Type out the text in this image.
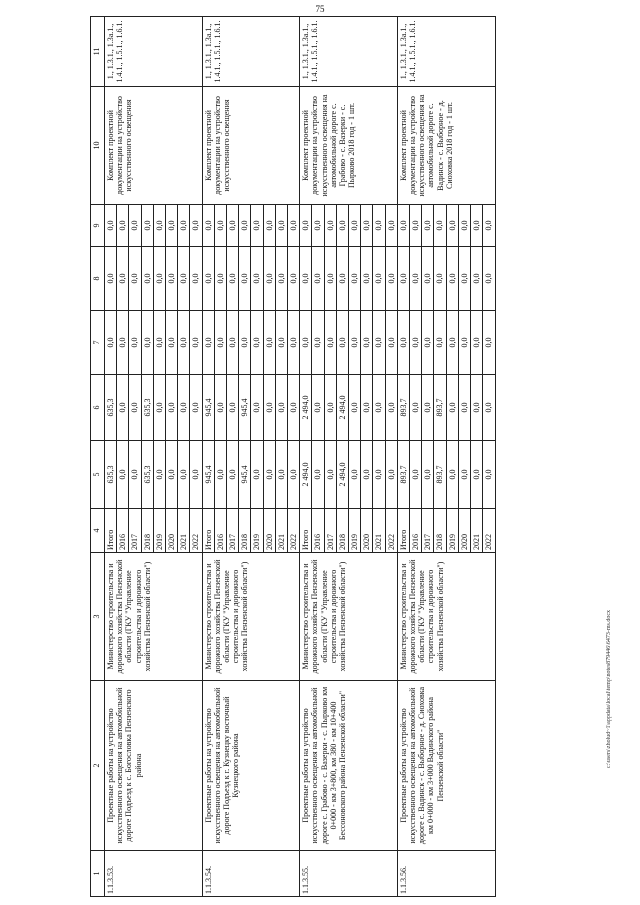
75
1	2	3	4	5	6	7	8	9	10	11
1.1.3.53.	Проектные работы на устройство искусственного освещения на автомобильной дороге Подъезд к с. Богословка Пензенского района	Министерство строительства и дорожного хозяйства Пензенской области (ГКУ "Управление строительства и дорожного хозяйства Пензенской области")	Итого	635,3	635,3	0,0	0,0	0,0	Комплект проектной документации на устройство искусственного освещения	1., 1.3.1., 1.3а.1., 1.4.1., 1.5.1., 1.6.1.
			2016	0,0	0,0	0,0	0,0	0,0		
			2017	0,0	0,0	0,0	0,0	0,0		
			2018	635,3	635,3	0,0	0,0	0,0		
			2019	0,0	0,0	0,0	0,0	0,0		
			2020	0,0	0,0	0,0	0,0	0,0		
			2021	0,0	0,0	0,0	0,0	0,0		
			2022	0,0	0,0	0,0	0,0	0,0		
1.1.3.54.	Проектные работы на устройство искусственного освещения на автомобильной дороге Подъезд к г. Кузнецку восточный Кузнецкого района	Министерство строительства и дорожного хозяйства Пензенской области (ГКУ "Управление строительства и дорожного хозяйства Пензенской области")	Итого	945,4	945,4	0,0	0,0	0,0	Комплект проектной документации на устройство искусственного освещения	1., 1.3.1., 1.3а.1., 1.4.1., 1.5.1., 1.6.1.
			2016	0,0	0,0	0,0	0,0	0,0		
			2017	0,0	0,0	0,0	0,0	0,0		
			2018	945,4	945,4	0,0	0,0	0,0		
			2019	0,0	0,0	0,0	0,0	0,0		
			2020	0,0	0,0	0,0	0,0	0,0		
			2021	0,0	0,0	0,0	0,0	0,0		
			2022	0,0	0,0	0,0	0,0	0,0		
1.1.3.55.	Проектные работы на устройство искусственного освещения на автомобильной дороге с. Грабово - с. Вазерки - с. Пырково км 0+000 - км 3+800, км 380 - км 10+400 Бессоновского района Пензенской области"	Министерство строительства и дорожного хозяйства Пензенской области (ГКУ "Управление строительства и дорожного хозяйства Пензенской области")	Итого	2 494,0	2 494,0	0,0	0,0	0,0	Комплект проектной документации на устройство искусственного освещения на автомобильной дороге с. Грабово - с. Вазерки - с. Пырково 2018 год - 1 шт.	1., 1.3.1., 1.3а.1., 1.4.1., 1.5.1., 1.6.1.
			2016	0,0	0,0	0,0	0,0	0,0		
			2017	0,0	0,0	0,0	0,0	0,0		
			2018	2 494,0	2 494,0	0,0	0,0	0,0		
			2019	0,0	0,0	0,0	0,0	0,0		
			2020	0,0	0,0	0,0	0,0	0,0		
			2021	0,0	0,0	0,0	0,0	0,0		
			2022	0,0	0,0	0,0	0,0	0,0		
1.1.3.56.	Проектные работы на устройство искусственного освещения на автомобильной дороге с. Вадинск - с. Выборное - д. Сиоховка км 0+000 - км 3+000 Вадинского района Пензенской области"	Министерство строительства и дорожного хозяйства Пензенской области (ГКУ "Управление строительства и дорожного хозяйства Пензенской области")	Итого	893,7	893,7	0,0	0,0	0,0	Комплект проектной документации на устройство искусственного освещения на автомобильной дороге с. Вадинск - с. Выборное - д. Сиоховка 2018 год - 1 шт.	1., 1.3.1., 1.3а.1., 1.4.1., 1.5.1., 1.6.1.
			2016	0,0	0,0	0,0	0,0	0,0		
			2017	0,0	0,0	0,0	0,0	0,0		
			2018	893,7	893,7	0,0	0,0	0,0		
			2019	0,0	0,0	0,0	0,0	0,0		
			2020	0,0	0,0	0,0	0,0	0,0		
			2021	0,0	0,0	0,0	0,0	0,0		
			2022	0,0	0,0	0,0	0,0	0,0		
c:\users\zholud~1\appdata\local\temp\notes879446\6473-ms.docx
